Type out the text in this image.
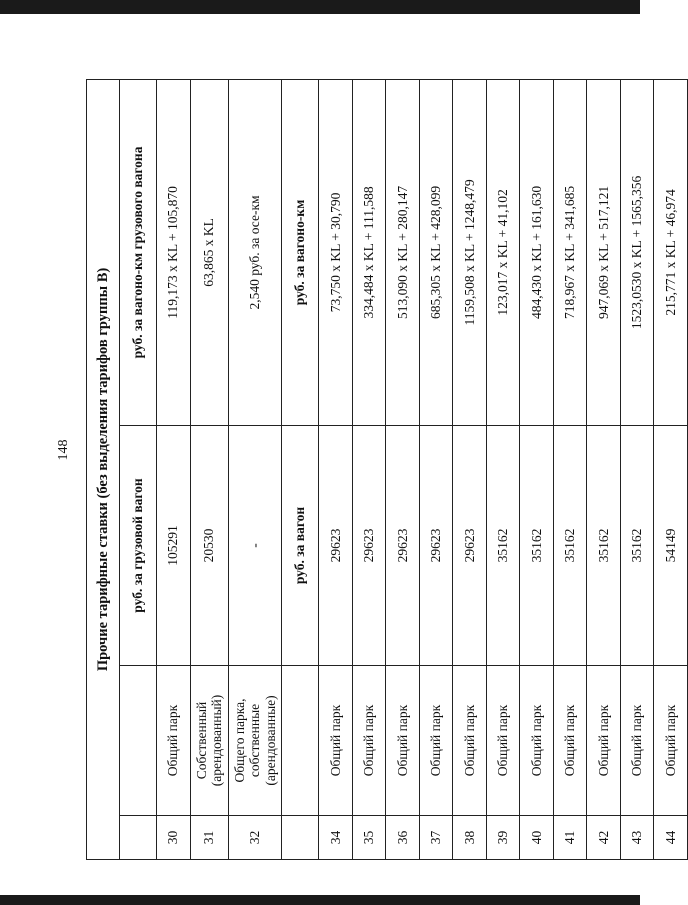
148 Прочие тарифные ставки (без выделения тарифов группы В)			
		руб. за грузовой вагон	руб. за вагоно-км грузового вагона
30	Общий парк	105291	119,173 x KL + 105,870
31	Собственный (арендованный)	20530	63,865 x KL
32	Общего парка, собственные (арендованные)	-	2,540 руб. за осе-км
		руб. за вагон	руб. за вагоно-км
34	Общий парк	29623	73,750 x KL + 30,790
35	Общий парк	29623	334,484 x KL + 111,588
36	Общий парк	29623	513,090 x KL + 280,147
37	Общий парк	29623	685,305 x KL + 428,099
38	Общий парк	29623	1159,508 x KL + 1248,479
39	Общий парк	35162	123,017 x KL + 41,102
40	Общий парк	35162	484,430 x KL + 161,630
41	Общий парк	35162	718,967 x KL + 341,685
42	Общий парк	35162	947,069 x KL + 517,121
43	Общий парк	35162	1523,0530 x KL + 1565,356
44	Общий парк	54149	215,771 x KL + 46,974
